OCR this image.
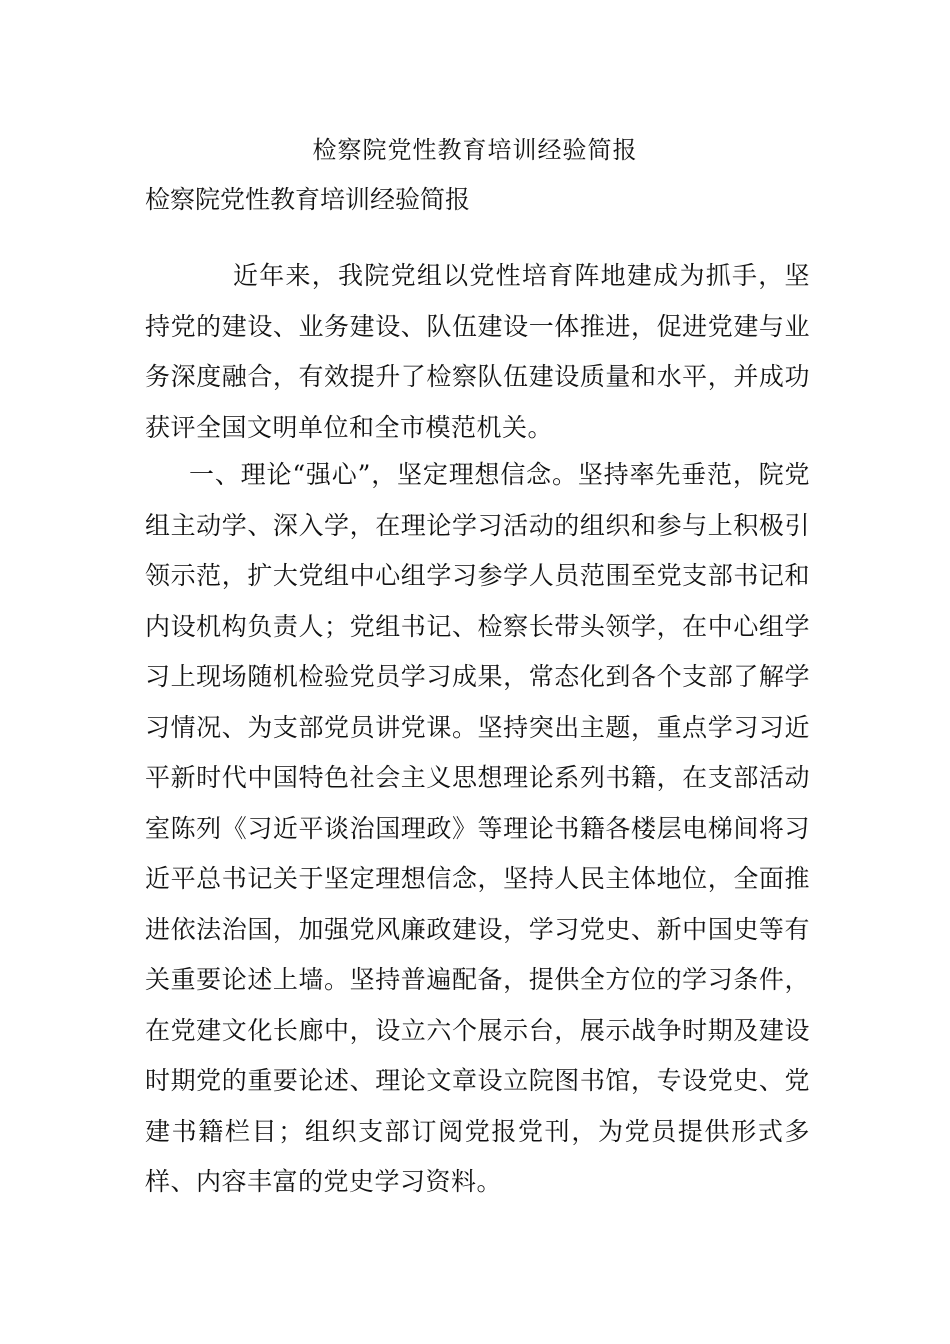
检察院党性教育培训经验简报
检察院党性教育培训经验简报

近年来，我院党组以党性培育阵地建成为抓手，坚持党的建设、业务建设、队伍建设一体推进，促进党建与业务深度融合，有效提升了检察队伍建设质量和水平，并成功获评全国文明单位和全市模范机关。

一、理论“强心”，坚定理想信念。坚持率先垂范，院党组主动学、深入学，在理论学习活动的组织和参与上积极引领示范，扩大党组中心组学习参学人员范围至党支部书记和内设机构负责人；党组书记、检察长带头领学，在中心组学习上现场随机检验党员学习成果，常态化到各个支部了解学习情况、为支部党员讲党课。坚持突出主题，重点学习习近平新时代中国特色社会主义思想理论系列书籍，在支部活动室陈列《习近平谈治国理政》等理论书籍各楼层电梯间将习近平总书记关于坚定理想信念，坚持人民主体地位，全面推进依法治国，加强党风廉政建设，学习党史、新中国史等有关重要论述上墙。坚持普遍配备，提供全方位的学习条件，在党建文化长廊中，设立六个展示台，展示战争时期及建设时期党的重要论述、理论文章设立院图书馆，专设党史、党建书籍栏目；组织支部订阅党报党刊，为党员提供形式多样、内容丰富的党史学习资料。
